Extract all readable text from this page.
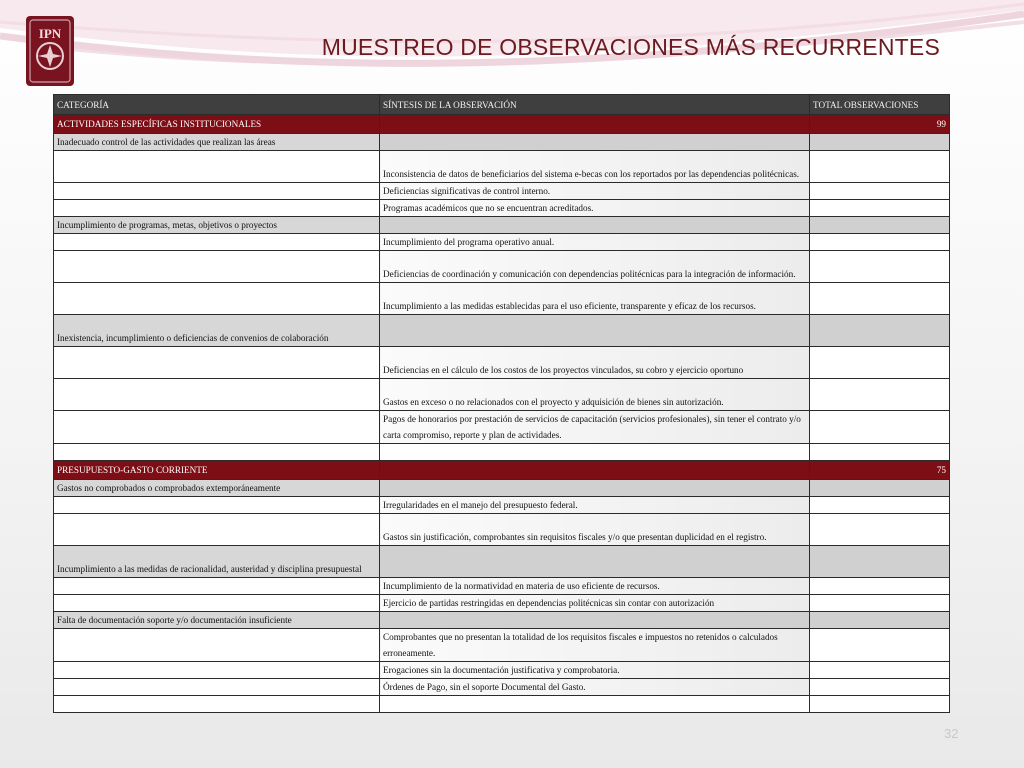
IPN
MUESTREO DE OBSERVACIONES MÁS RECURRENTES
CATEGORÍA	SÍNTESIS DE LA OBSERVACIÓN	TOTAL OBSERVACIONES
ACTIVIDADES ESPECÍFICAS INSTITUCIONALES		99
Inadecuado control de las actividades que realizan las áreas		
	Inconsistencia de datos de beneficiarios del sistema e-becas con los reportados por las dependencias politécnicas.	
	Deficiencias significativas de control interno.	
	Programas académicos que no se encuentran acreditados.	
Incumplimiento de programas, metas, objetivos o proyectos		
	Incumplimiento del programa operativo anual.	
	Deficiencias de coordinación y comunicación con dependencias politécnicas para la integración de información.	
	Incumplimiento a las medidas establecidas para el uso eficiente, transparente y eficaz de los recursos.	
Inexistencia, incumplimiento o deficiencias de convenios de colaboración		
	Deficiencias en el cálculo de los costos de los proyectos vinculados, su cobro y ejercicio oportuno	
	Gastos en exceso o no relacionados con el proyecto y adquisición de bienes sin autorización.	
	Pagos de honorarios por prestación de servicios de capacitación (servicios profesionales), sin tener el contrato y/o carta compromiso, reporte y plan de actividades.	

PRESUPUESTO-GASTO CORRIENTE		75
Gastos no comprobados o comprobados extemporáneamente		
	Irregularidades en el manejo del presupuesto federal.	
	Gastos sin justificación, comprobantes sin requisitos fiscales y/o que presentan duplicidad en el registro.	
Incumplimiento a las medidas de racionalidad, austeridad y disciplina presupuestal		
	Incumplimiento de la normatividad en materia de uso eficiente de recursos.	
	Ejercicio de partidas restringidas en dependencias politécnicas sin contar con autorización	
Falta de documentación soporte y/o documentación insuficiente		
	Comprobantes que no presentan la totalidad de los requisitos fiscales e impuestos no retenidos o calculados erroneamente.	
	Erogaciones sin la documentación justificativa y comprobatoria.	
	Órdenes de Pago, sin el soporte Documental del Gasto.	

32
